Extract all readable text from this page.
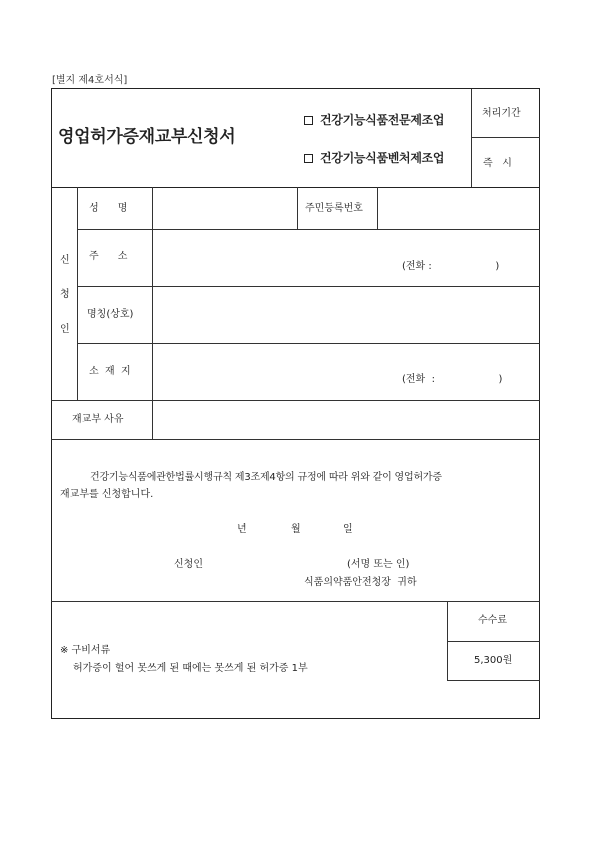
[별지 제4호서식]
영업허가증재교부신청서
건강기능식품전문제조업
건강기능식품벤처제조업
처리기간
즉   시
신
청
인
성      명	주민등록번호
주      소
(전화 :                    )
명칭(상호)
소  재  지
(전화  :                    )
재교부 사유
건강기능식품에관한법률시행규칙 제3조제4항의 규정에 따라 위와 같이 영업허가증
재교부를 신청합니다.
년	월	일
신청인	(서명 또는 인)
식품의약품안전청장  귀하
수수료
5,300원
※ 구비서류
허가증이 헐어 못쓰게 된 때에는 못쓰게 된 허가증 1부
